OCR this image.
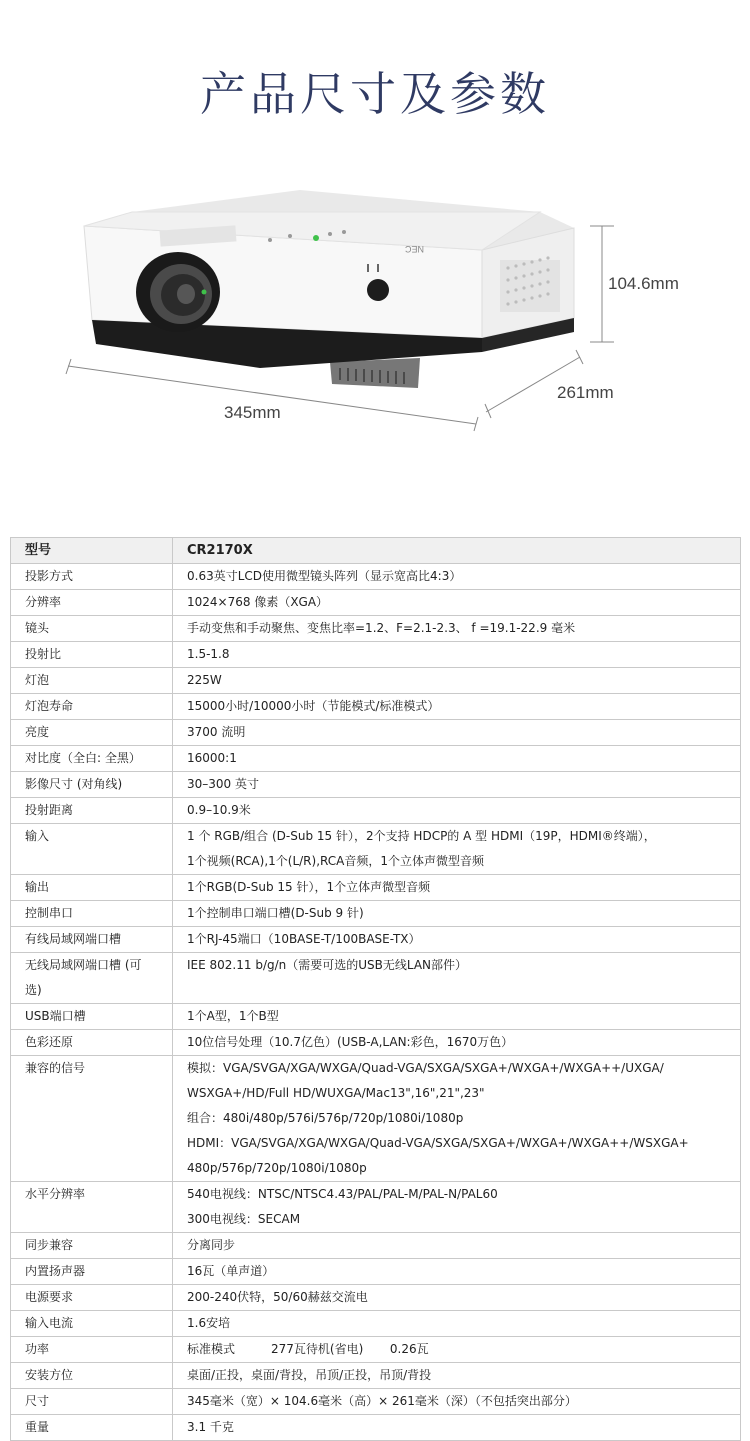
产品尺寸及参数
NEC
104.6mm
261mm
345mm
型号	CR2170X
投影方式	0.63英寸LCD使用微型镜头阵列（显示宽高比4:3）

分辨率	1024×768 像素（XGA）

镜头	手动变焦和手动聚焦、变焦比率=1.2、F=2.1-2.3、 f =19.1-22.9 毫米

投射比	1.5-1.8

灯泡	225W

灯泡寿命	15000小时/10000小时（节能模式/标准模式）

亮度	3700 流明

对比度（全白: 全黑）	16000:1

影像尺寸 (对角线)	30–300 英寸

投射距离	0.9–10.9米

输入	1 个 RGB/组合 (D-Sub 15 针），2个支持 HDCP的 A 型 HDMI（19P，HDMI®终端），
1个视频(RCA),1个(L/R),RCA音频，1个立体声微型音频

输出	1个RGB(D-Sub 15 针），1个立体声微型音频

控制串口	1个控制串口端口槽(D-Sub 9 针)

有线局域网端口槽	1个RJ-45端口（10BASE-T/100BASE-TX）

无线局域网端口槽 (可选)	IEE 802.11 b/g/n（需要可选的USB无线LAN部件）

USB端口槽	1个A型，1个B型

色彩还原	10位信号处理（10.7亿色）(USB-A,LAN:彩色，1670万色）

兼容的信号	模拟：VGA/SVGA/XGA/WXGA/Quad-VGA/SXGA/SXGA+/WXGA+/WXGA++/UXGA/
WSXGA+/HD/Full HD/WUXGA/Mac13",16",21",23"
组合：480i/480p/576i/576p/720p/1080i/1080p
HDMI：VGA/SVGA/XGA/WXGA/Quad-VGA/SXGA/SXGA+/WXGA+/WXGA++/WSXGA+
480p/576p/720p/1080i/1080p

水平分辨率	540电视线：NTSC/NTSC4.43/PAL/PAL-M/PAL-N/PAL60
300电视线：SECAM

同步兼容	分离同步

内置扬声器	16瓦（单声道）

电源要求	200-240伏特，50/60赫兹交流电

输入电流	1.6安培

功率	标准模式 277瓦待机(省电) 0.26瓦
安装方位	桌面/正投，桌面/背投，吊顶/正投，吊顶/背投

尺寸	345毫米（宽）× 104.6毫米（高）× 261毫米（深）（不包括突出部分）

重量	3.1 千克
